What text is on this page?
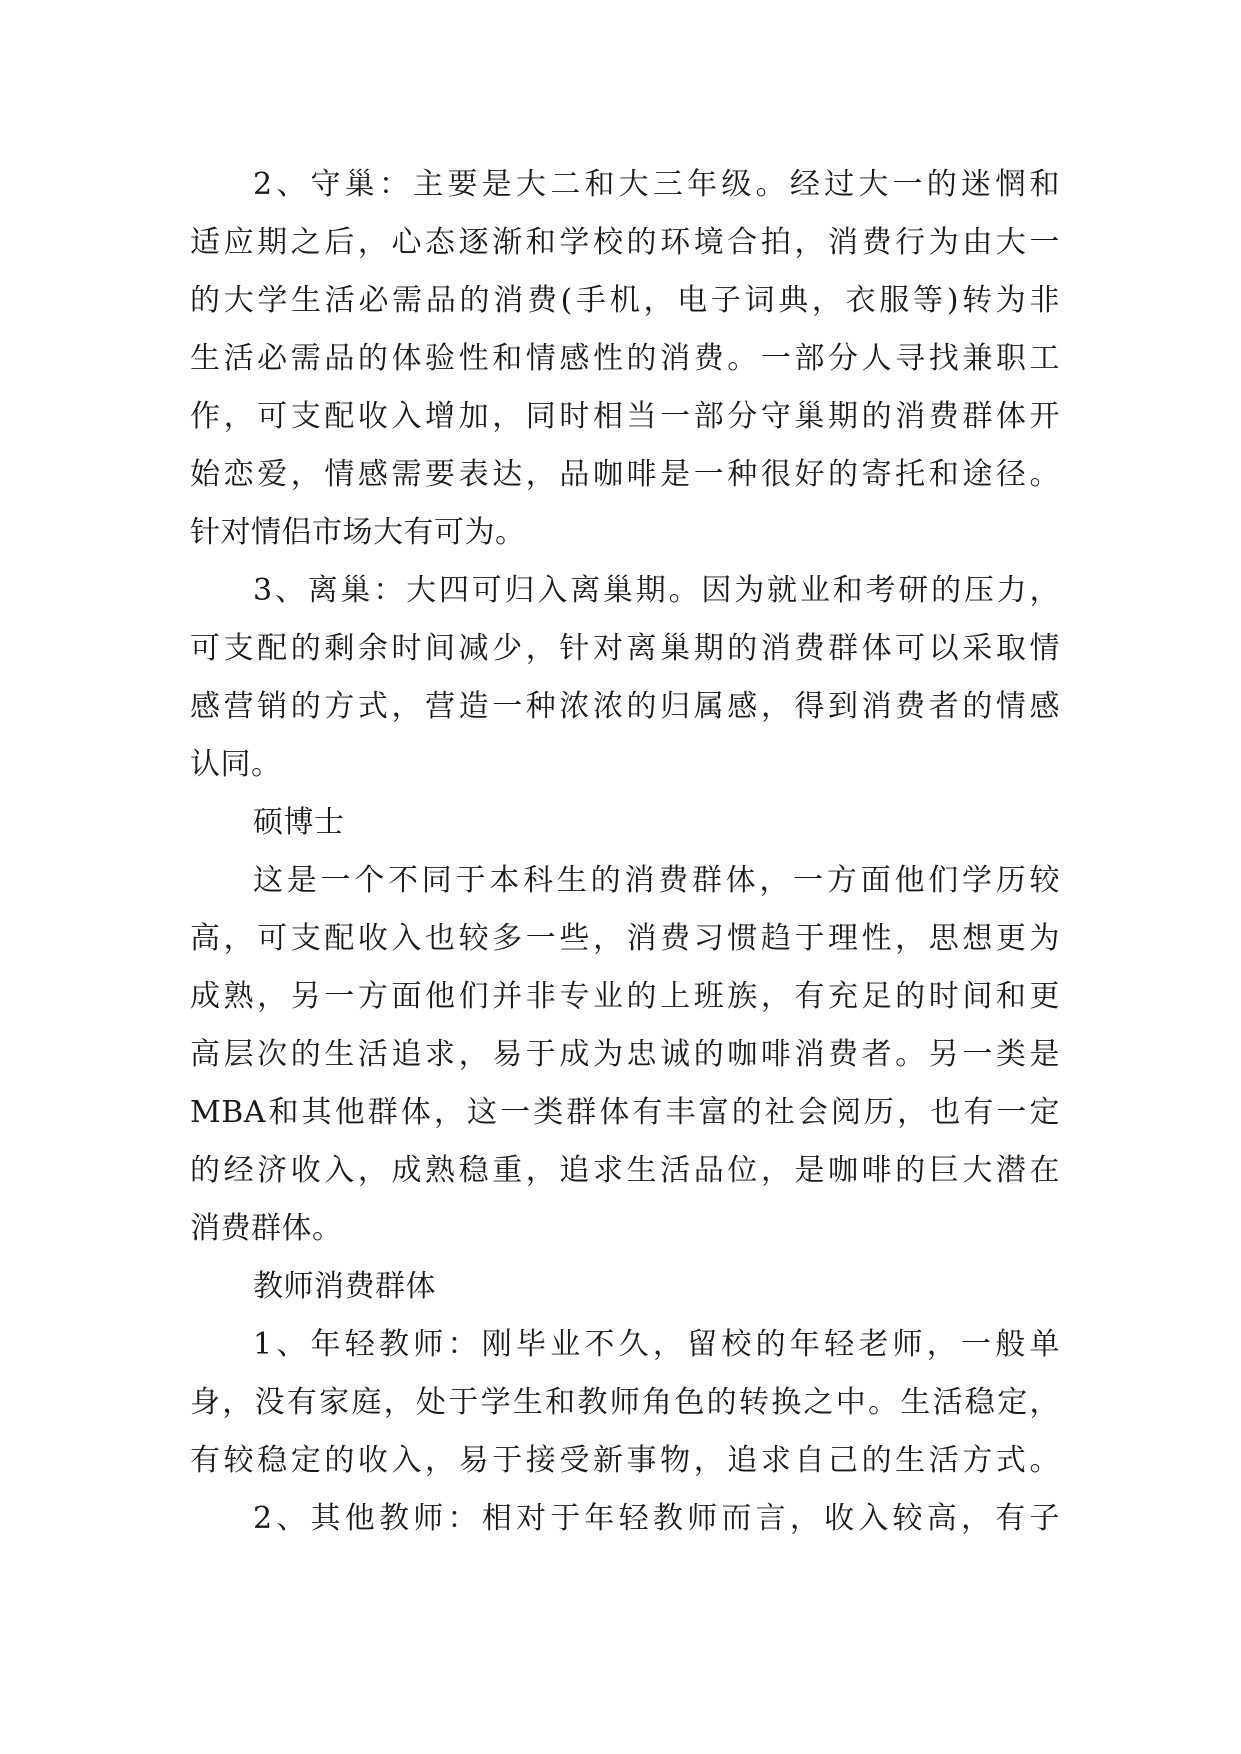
2、守巢：主要是大二和大三年级。经过大一的迷惘和
适应期之后，心态逐渐和学校的环境合拍，消费行为由大一
的大学生活必需品的消费(手机，电子词典，衣服等)转为非
生活必需品的体验性和情感性的消费。一部分人寻找兼职工
作，可支配收入增加，同时相当一部分守巢期的消费群体开
始恋爱，情感需要表达，品咖啡是一种很好的寄托和途径。
针对情侣市场大有可为。
3、离巢：大四可归入离巢期。因为就业和考研的压力，
可支配的剩余时间减少，针对离巢期的消费群体可以采取情
感营销的方式，营造一种浓浓的归属感，得到消费者的情感
认同。
硕博士
这是一个不同于本科生的消费群体，一方面他们学历较
高，可支配收入也较多一些，消费习惯趋于理性，思想更为
成熟，另一方面他们并非专业的上班族，有充足的时间和更
高层次的生活追求，易于成为忠诚的咖啡消费者。另一类是
MBA和其他群体，这一类群体有丰富的社会阅历，也有一定
的经济收入，成熟稳重，追求生活品位，是咖啡的巨大潜在
消费群体。
教师消费群体
1、年轻教师：刚毕业不久，留校的年轻老师，一般单
身，没有家庭，处于学生和教师角色的转换之中。生活稳定，
有较稳定的收入，易于接受新事物，追求自己的生活方式。
2、其他教师：相对于年轻教师而言，收入较高，有子
